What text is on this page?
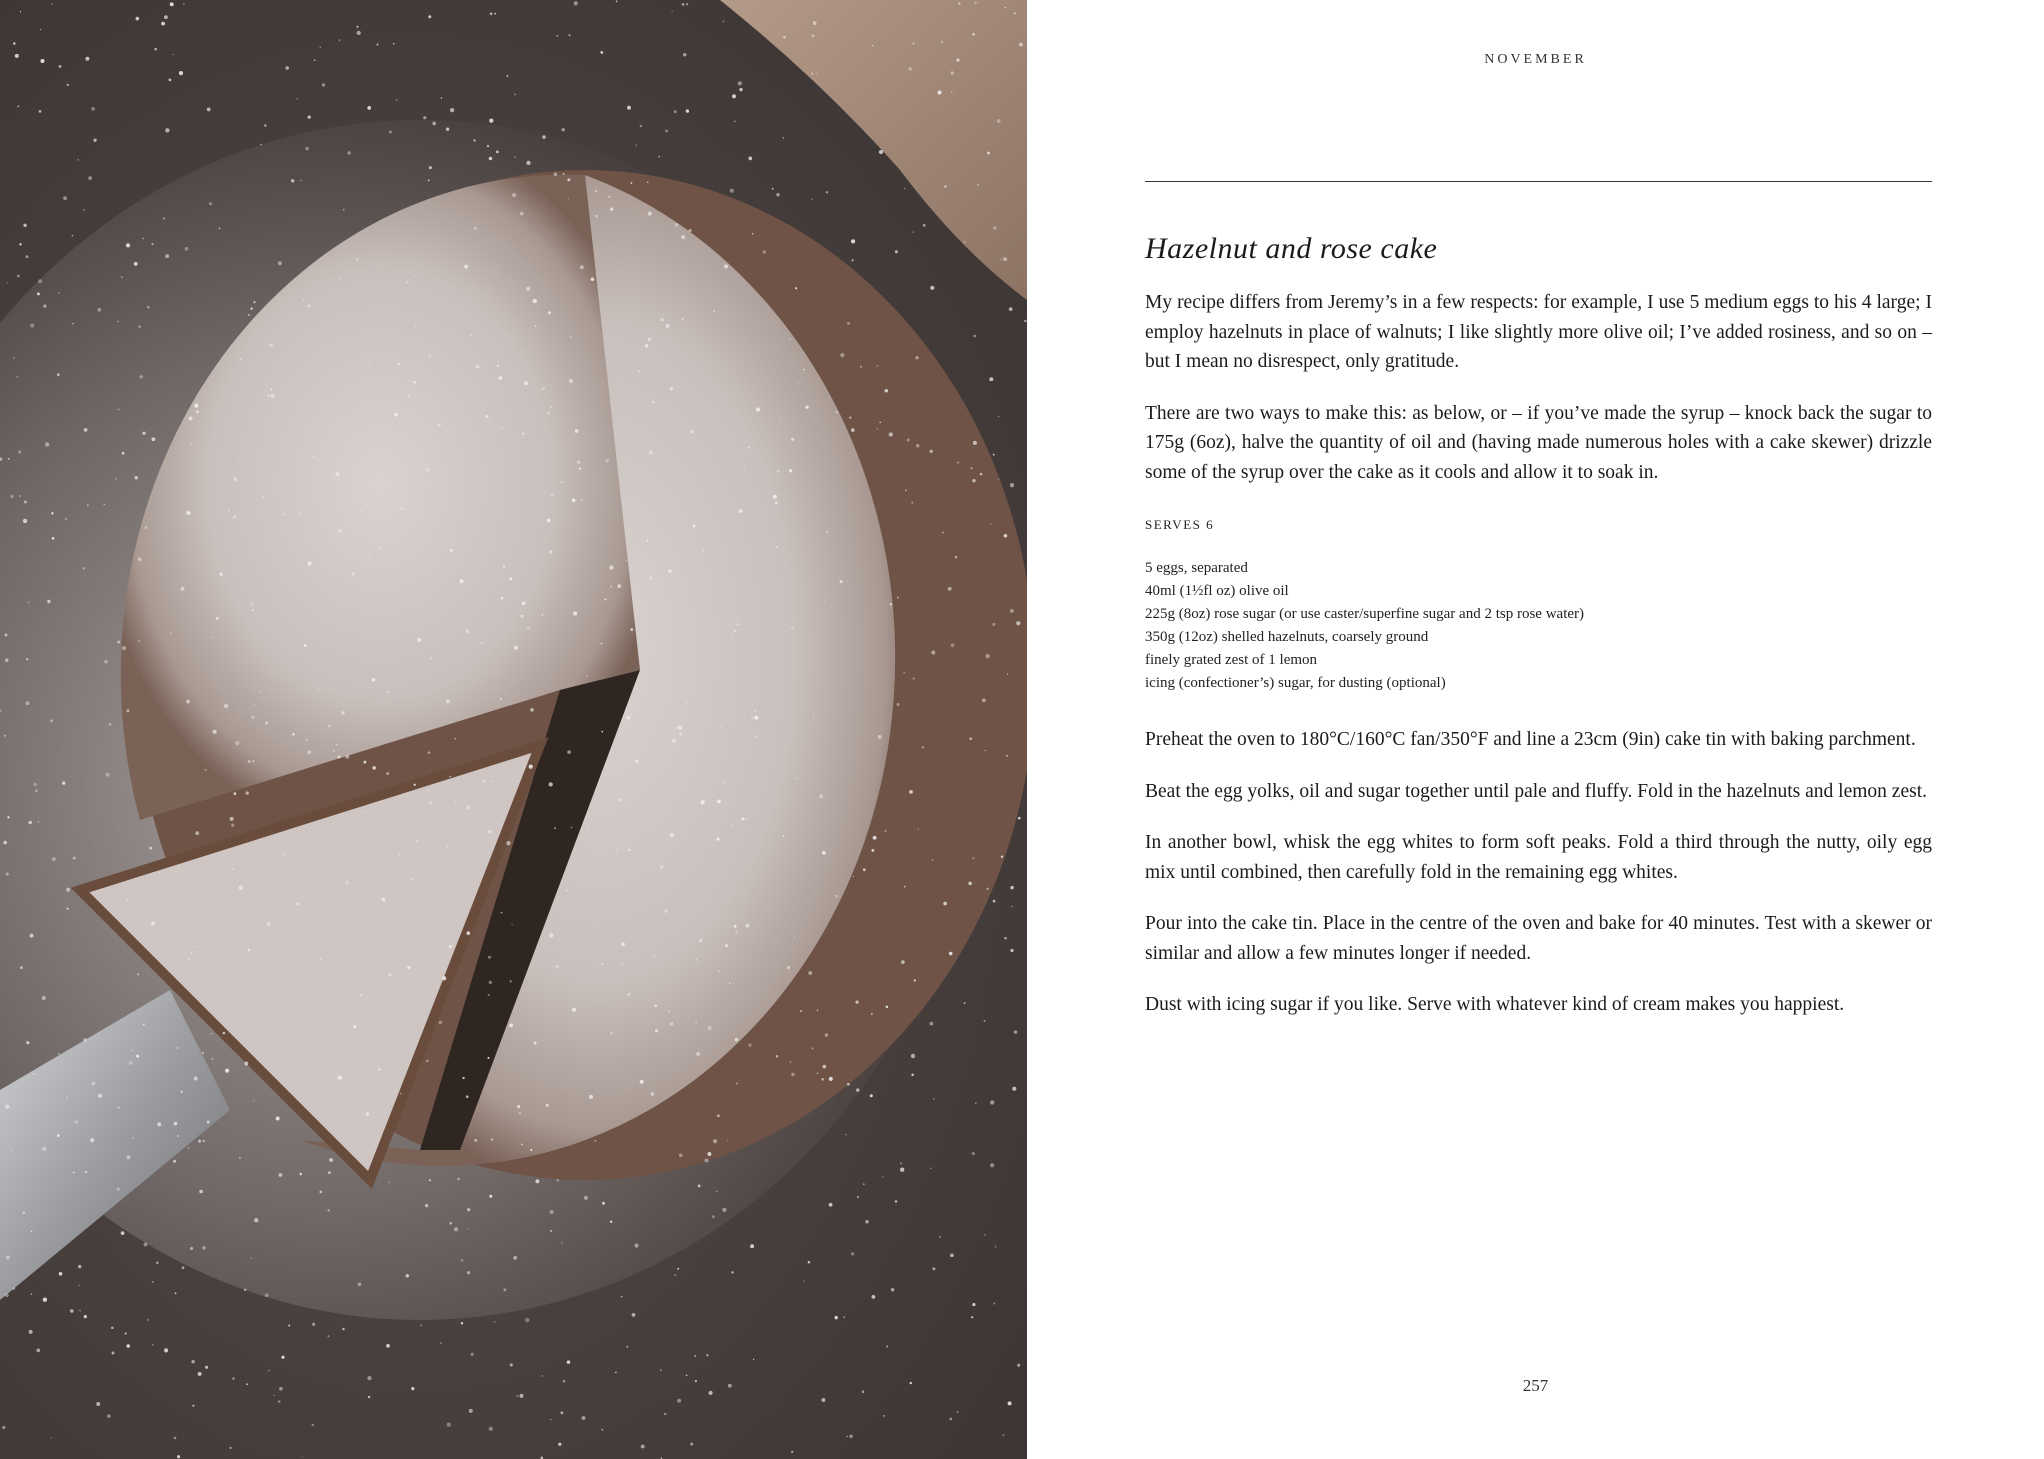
NOVEMBER
Hazelnut and rose cake

My recipe differs from Jeremy’s in a few respects: for example, I use 5 medium eggs to his 4 large; I employ hazelnuts in place of walnuts; I like slightly more olive oil; I’ve added rosiness, and so on – but I mean no disrespect, only gratitude.

There are two ways to make this: as below, or – if you’ve made the syrup – knock back the sugar to 175g (6oz), halve the quantity of oil and (having made numerous holes with a cake skewer) drizzle some of the syrup over the cake as it cools and allow it to soak in.

SERVES 6
5 eggs, separated
40ml (1½fl oz) olive oil
225g (8oz) rose sugar (or use caster/superfine sugar and 2 tsp rose water)
350g (12oz) shelled hazelnuts, coarsely ground
finely grated zest of 1 lemon
icing (confectioner’s) sugar, for dusting (optional)

Preheat the oven to 180°C/160°C fan/350°F and line a 23cm (9in) cake tin with baking parchment.

Beat the egg yolks, oil and sugar together until pale and fluffy. Fold in the hazelnuts and lemon zest.

In another bowl, whisk the egg whites to form soft peaks. Fold a third through the nutty, oily egg mix until combined, then carefully fold in the remaining egg whites.

Pour into the cake tin. Place in the centre of the oven and bake for 40 minutes. Test with a skewer or similar and allow a few minutes longer if needed.

Dust with icing sugar if you like. Serve with whatever kind of cream makes you happiest.

257
